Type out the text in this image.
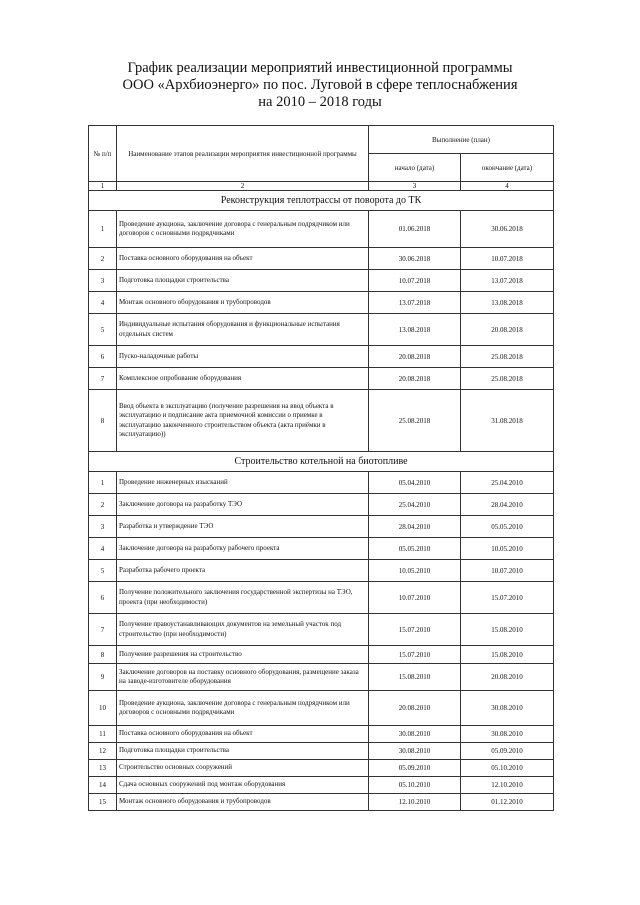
График реализации мероприятий инвестиционной программы
ООО «Архбиоэнерго» по пос. Луговой в сфере теплоснабжения
на 2010 – 2018 годы
№ п/п	Наименование этапов реализации мероприятия инвестиционной программы	Выполнение (план)	
		начало (дата)	окончание (дата)
1	2	3	4
Реконструкция теплотрассы от поворота до ТК			
1	Проведение аукциона, заключение договора с генеральным подрядчиком или договоров с основными подрядчиками	01.06.2018	30.06.2018
2	Поставка основного оборудования на объект	30.06.2018	10.07.2018
3	Подготовка площадки строительства	10.07.2018	13.07.2018
4	Монтаж основного оборудования и трубопроводов	13.07.2018	13.08.2018
5	Индивидуальные испытания оборудования и функциональные испытания отдельных систем	13.08.2018	20.08.2018
6	Пуско-наладочные работы	20.08.2018	25.08.2018
7	Комплексное опробование оборудования	20.08.2018	25.08.2018
8	Ввод объекта в эксплуатацию (получение разрешения на ввод объекта в эксплуатацию и подписание акта приемочной комиссии о приемке в эксплуатацию законченного строительством объекта (акта приёмки в эксплуатацию))	25.08.2018	31.08.2018
Строительство котельной на биотопливе			
1	Проведение инженерных изысканий	05.04.2010	25.04.2010
2	Заключение договора на разработку ТЭО	25.04.2010	28.04.2010
3	Разработка и утверждение ТЭО	28.04.2010	05.05.2010
4	Заключение договора на разработку рабочего проекта	05.05.2010	10.05.2010
5	Разработка рабочего проекта	10.05.2010	10.07.2010
6	Получение положительного заключения государственной экспертизы на ТЭО, проекта (при необходимости)	10.07.2010	15.07.2010
7	Получение правоустанавливающих документов на земельный участок под строительство (при необходимости)	15.07.2010	15.08.2010
8	Получение разрешения на строительство	15.07.2010	15.08.2010
9	Заключение договоров на поставку основного оборудования, размещение заказа на заводе-изготовителе оборудования	15.08.2010	20.08.2010
10	Проведение аукциона, заключение договора с генеральным подрядчиком или договоров с основными подрядчиками	20.08.2010	30.08.2010
11	Поставка основного оборудования на объект	30.08.2010	30.08.2010
12	Подготовка площадки строительства	30.08.2010	05.09.2010
13	Строительство основных сооружений	05.09.2010	05.10.2010
14	Сдача основных сооружений под монтаж оборудования	05.10.2010	12.10.2010
15	Монтаж основного оборудования и трубопроводов	12.10.2010	01.12.2010
